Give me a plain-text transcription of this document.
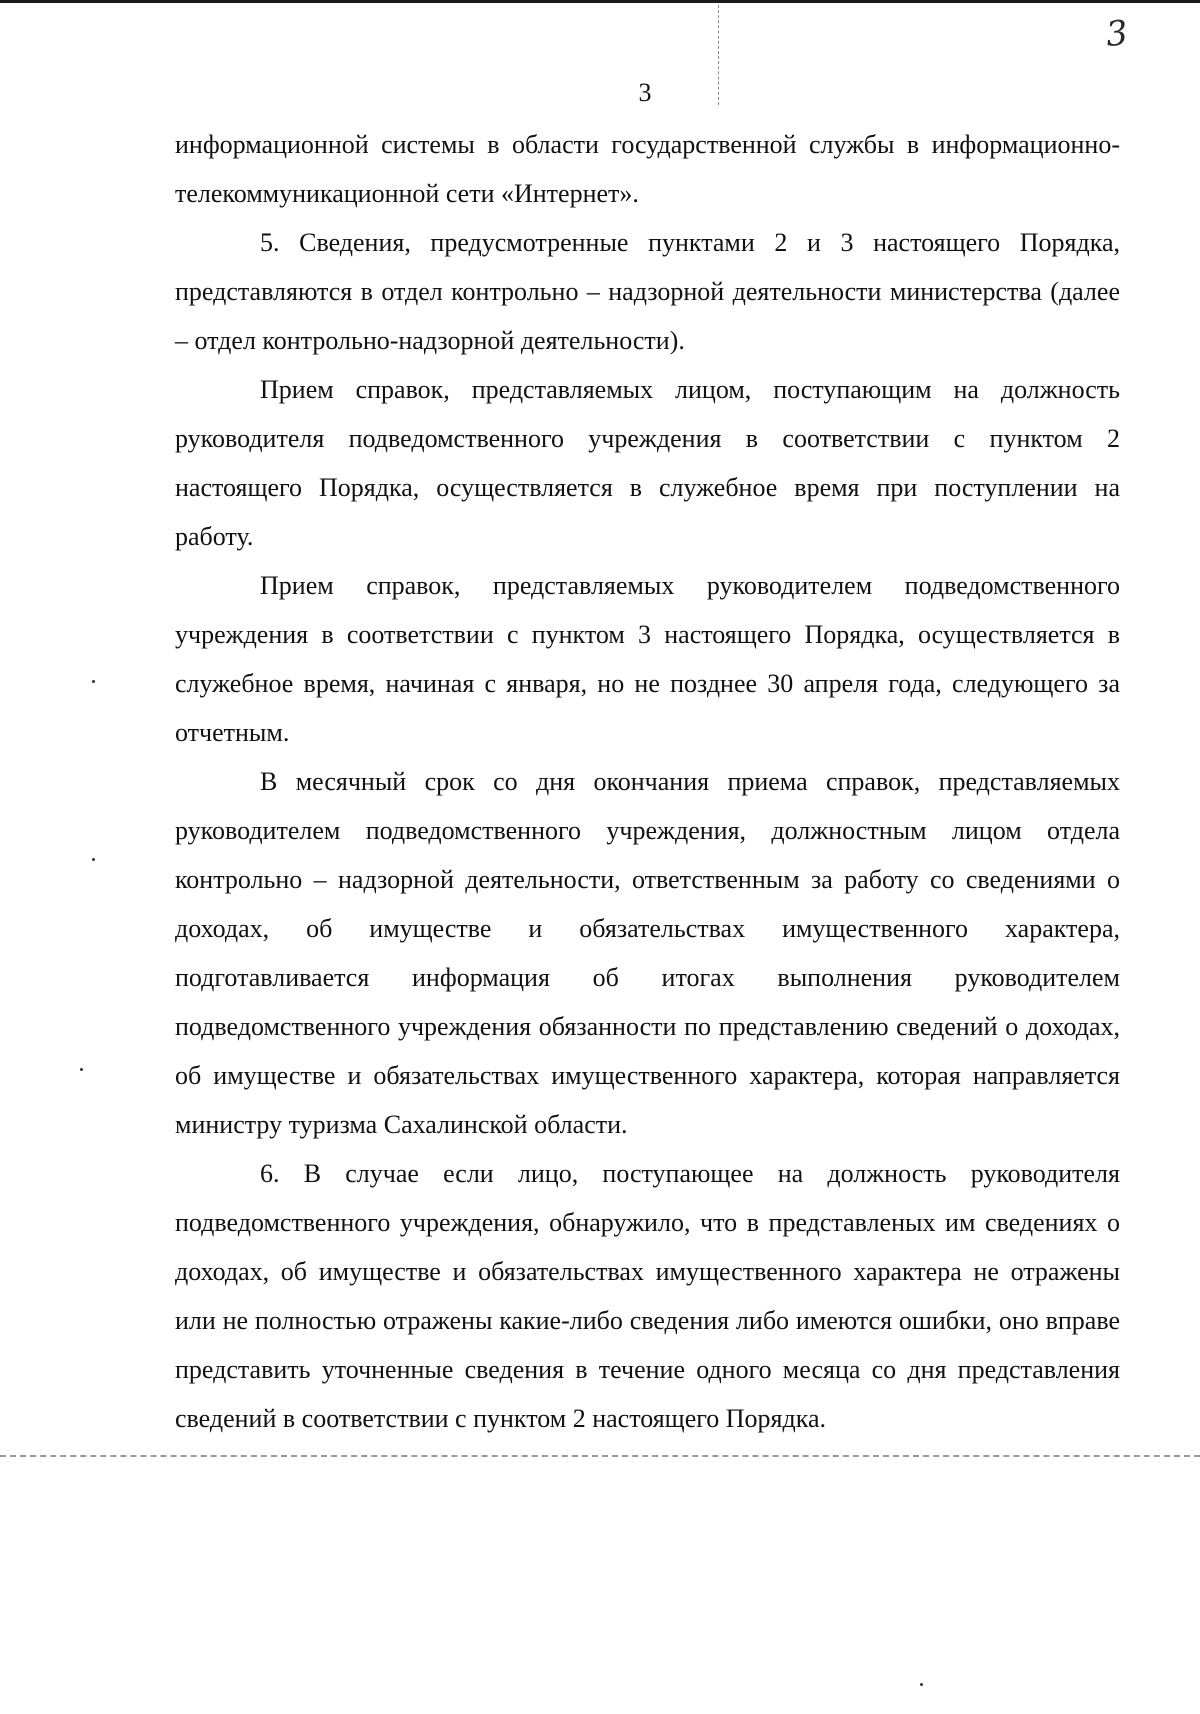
3
3

информационной системы в области государственной службы в информационно-телекоммуникационной сети «Интернет».

5. Сведения, предусмотренные пунктами 2 и 3 настоящего Порядка, представляются в отдел контрольно – надзорной деятельности министерства (далее – отдел контрольно-надзорной деятельности).

Прием справок, представляемых лицом, поступающим на должность руководителя подведомственного учреждения в соответствии с пунктом 2 настоящего Порядка, осуществляется в служебное время при поступлении на работу.

Прием справок, представляемых руководителем подведомственного учреждения в соответствии с пунктом 3 настоящего Порядка, осуществляется в служебное время, начиная с января, но не позднее 30 апреля года, следующего за отчетным.

В месячный срок со дня окончания приема справок, представляемых руководителем подведомственного учреждения, должностным лицом отдела контрольно – надзорной деятельности, ответственным за работу со сведениями о доходах, об имуществе и обязательствах имущественного характера, подготавливается информация об итогах выполнения руководителем подведомственного учреждения обязанности по представлению сведений о доходах, об имуществе и обязательствах имущественного характера, которая направляется министру туризма Сахалинской области.

6. В случае если лицо, поступающее на должность руководителя подведомственного учреждения, обнаружило, что в представленых им сведениях о доходах, об имуществе и обязательствах имущественного характера не отражены или не полностью отражены какие-либо сведения либо имеются ошибки, оно вправе представить уточненные сведения в течение одного месяца со дня представления сведений в соответствии с пунктом 2 настоящего Порядка.
